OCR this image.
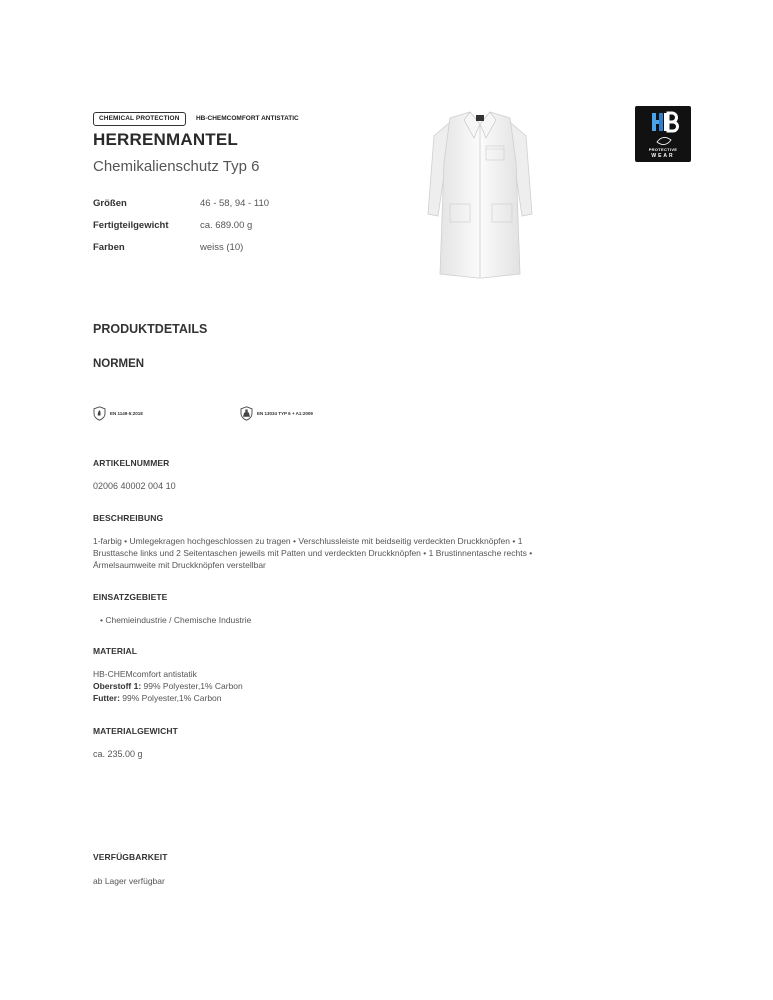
CHEMICAL PROTECTION	HB-CHEMCOMFORT ANTISTATIC
HERRENMANTEL
Chemikalienschutz Typ 6
Größen	46 - 58, 94 - 110
Fertigteilgewicht	ca. 689.00 g
Farben	weiss (10)
PROTECTIVE
WEAR
PRODUKTDETAILS
NORMEN
EN 1149-5:2018	EN 13034 TYP 6 + A1:2009
ARTIKELNUMMER
02006 40002 004 10
BESCHREIBUNG
1-farbig • Umlegekragen hochgeschlossen zu tragen • Verschlussleiste mit beidseitig verdeckten Druckknöpfen • 1
Brusttasche links und 2 Seitentaschen jeweils mit Patten und verdeckten Druckknöpfen • 1 Brustinnentasche rechts •
Ärmelsaumweite mit Druckknöpfen verstellbar
EINSATZGEBIETE
• Chemieindustrie / Chemische Industrie
MATERIAL
HB-CHEMcomfort antistatik
Oberstoff 1: 99% Polyester,1% Carbon
Futter: 99% Polyester,1% Carbon
MATERIALGEWICHT
ca. 235.00 g
VERFÜGBARKEIT
ab Lager verfügbar
